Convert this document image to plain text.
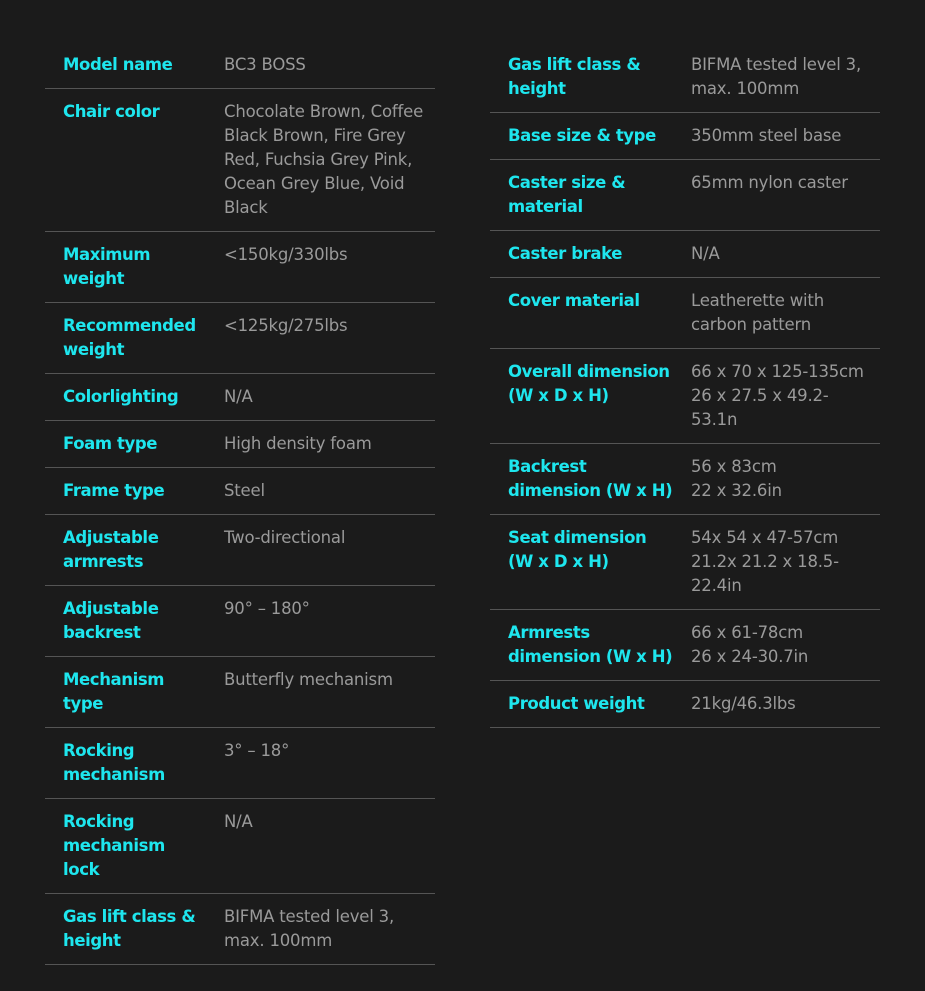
Model name	BC3 BOSS
Chair color	Chocolate Brown, Coffee Black Brown, Fire Grey Red, Fuchsia Grey Pink, Ocean Grey Blue, Void Black
Maximum weight	<150kg/330lbs
Recommended weight	<125kg/275lbs
Colorlighting	N/A
Foam type	High density foam
Frame type	Steel
Adjustable armrests	Two-directional
Adjustable backrest	90° – 180°
Mechanism type	Butterfly mechanism
Rocking mechanism	3° – 18°
Rocking mechanism lock	N/A
Gas lift class & height	BIFMA tested level 3, max. 100mm
Gas lift class & height	BIFMA tested level 3, max. 100mm
Base size & type	350mm steel base
Caster size & material	65mm nylon caster
Caster brake	N/A
Cover material	Leatherette with carbon pattern
Overall dimension (W x D x H)	66 x 70 x 125-135cm
26 x 27.5 x 49.2-53.1n
Backrest dimension (W x H)	56 x 83cm
22 x 32.6in
Seat dimension (W x D x H)	54x 54 x 47-57cm
21.2x 21.2 x 18.5-22.4in
Armrests dimension (W x H)	66 x 61-78cm
26 x 24-30.7in
Product weight	21kg/46.3lbs
